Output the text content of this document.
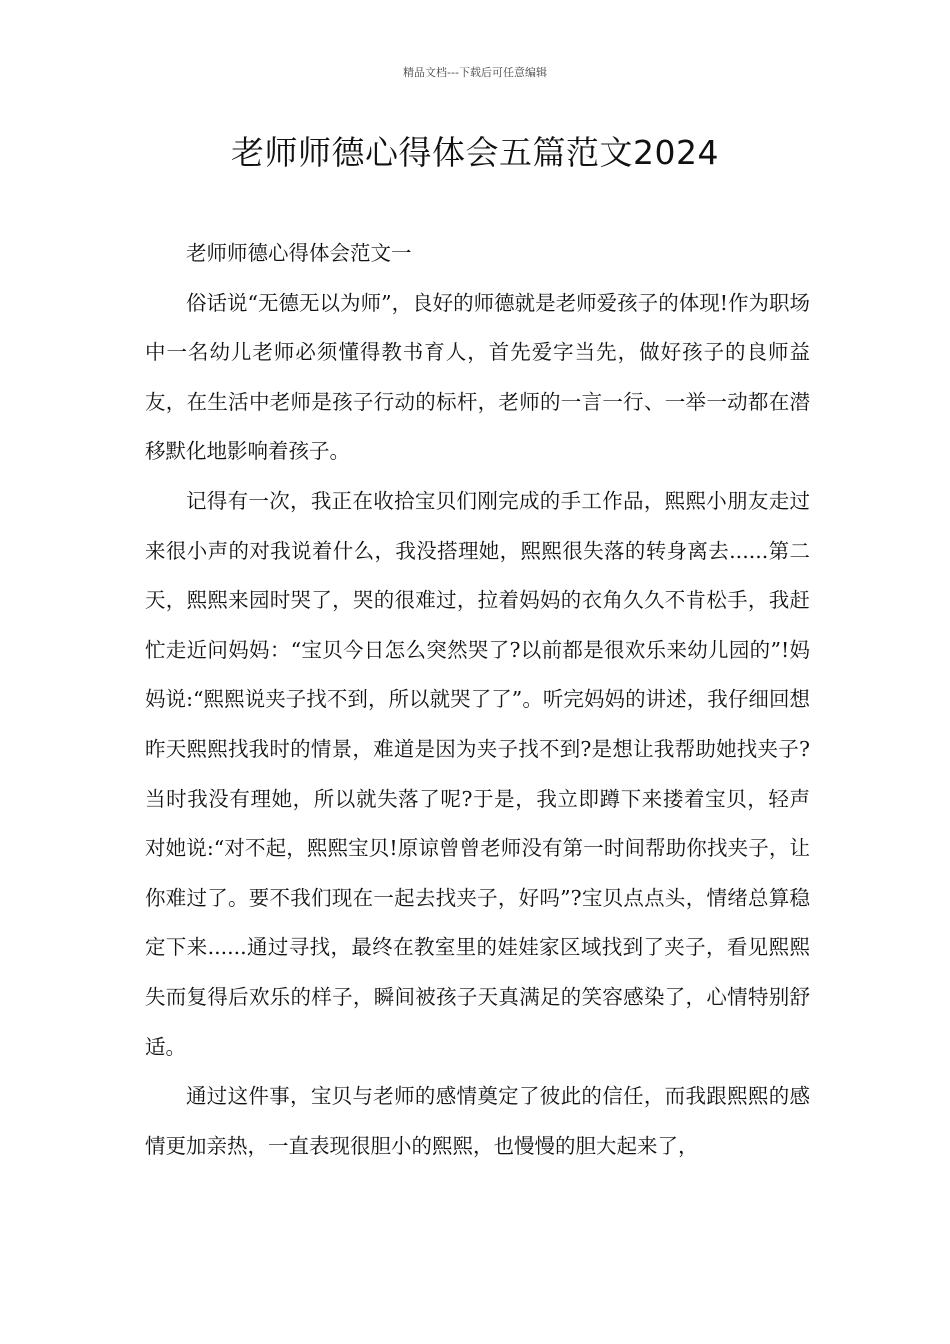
精品文档---下载后可任意编辑
老师师德心得体会五篇范文2024

老师师德心得体会范文一

俗话说“无德无以为师”，良好的师德就是老师爱孩子的体现!作为职场中一名幼儿老师必须懂得教书育人，首先爱字当先，做好孩子的良师益友，在生活中老师是孩子行动的标杆，老师的一言一行、一举一动都在潜移默化地影响着孩子。

记得有一次，我正在收拾宝贝们刚完成的手工作品，熙熙小朋友走过来很小声的对我说着什么，我没搭理她，熙熙很失落的转身离去......第二天，熙熙来园时哭了，哭的很难过，拉着妈妈的衣角久久不肯松手，我赶忙走近问妈妈：“宝贝今日怎么突然哭了?以前都是很欢乐来幼儿园的”!妈妈说:“熙熙说夹子找不到，所以就哭了了”。听完妈妈的讲述，我仔细回想昨天熙熙找我时的情景，难道是因为夹子找不到?是想让我帮助她找夹子?当时我没有理她，所以就失落了呢?于是，我立即蹲下来搂着宝贝，轻声对她说:“对不起，熙熙宝贝!原谅曾曾老师没有第一时间帮助你找夹子，让你难过了。要不我们现在一起去找夹子，好吗”?宝贝点点头，情绪总算稳定下来......通过寻找，最终在教室里的娃娃家区域找到了夹子，看见熙熙失而复得后欢乐的样子，瞬间被孩子天真满足的笑容感染了，心情特别舒适。

通过这件事，宝贝与老师的感情奠定了彼此的信任，而我跟熙熙的感情更加亲热，一直表现很胆小的熙熙，也慢慢的胆大起来了，
